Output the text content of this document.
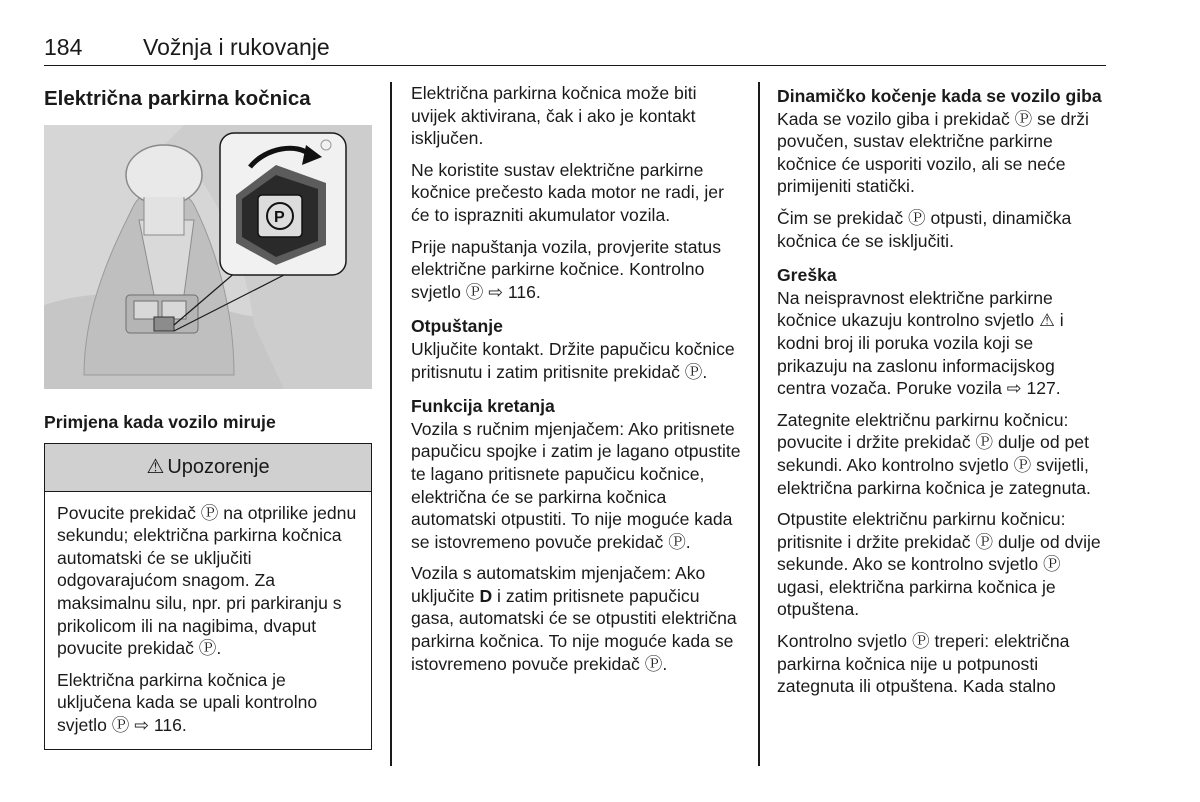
184	Vožnja i rukovanje
Električna parkirna kočnica
P
Primjena kada vozilo miruje
⚠ Upozorenje

Povucite prekidač Ⓟ na otprilike jednu sekundu; električna parkirna kočnica automatski će se uključiti odgovarajućom snagom. Za maksimalnu silu, npr. pri parkiranju s prikolicom ili na nagibima, dvaput povucite prekidač Ⓟ.

Električna parkirna kočnica je uključena kada se upali kontrolno svjetlo Ⓟ ⇨ 116.

Električna parkirna kočnica može biti uvijek aktivirana, čak i ako je kontakt isključen.

Ne koristite sustav električne parkirne kočnice prečesto kada motor ne radi, jer će to isprazniti akumulator vozila.

Prije napuštanja vozila, provjerite status električne parkirne kočnice. Kontrolno svjetlo Ⓟ ⇨ 116.

Otpuštanje

Uključite kontakt. Držite papučicu kočnice pritisnutu i zatim pritisnite prekidač Ⓟ.

Funkcija kretanja

Vozila s ručnim mjenjačem: Ako pritisnete papučicu spojke i zatim je lagano otpustite te lagano pritisnete papučicu kočnice, električna će se parkirna kočnica automatski otpustiti. To nije moguće kada se istovremeno povuče prekidač Ⓟ.

Vozila s automatskim mjenjačem: Ako uključite D i zatim pritisnete papučicu gasa, automatski će se otpustiti električna parkirna kočnica. To nije moguće kada se istovremeno povuče prekidač Ⓟ.

Dinamičko kočenje kada se vozilo giba

Kada se vozilo giba i prekidač Ⓟ se drži povučen, sustav električne parkirne kočnice će usporiti vozilo, ali se neće primijeniti statički.

Čim se prekidač Ⓟ otpusti, dinamička kočnica će se isključiti.

Greška

Na neispravnost električne parkirne kočnice ukazuju kontrolno svjetlo ⚠ i kodni broj ili poruka vozila koji se prikazuju na zaslonu informacijskog centra vozača. Poruke vozila ⇨ 127.

Zategnite električnu parkirnu kočnicu: povucite i držite prekidač Ⓟ dulje od pet sekundi. Ako kontrolno svjetlo Ⓟ svijetli, električna parkirna kočnica je zategnuta.

Otpustite električnu parkirnu kočnicu: pritisnite i držite prekidač Ⓟ dulje od dvije sekunde. Ako se kontrolno svjetlo Ⓟ ugasi, električna parkirna kočnica je otpuštena.

Kontrolno svjetlo Ⓟ treperi: električna parkirna kočnica nije u potpunosti zategnuta ili otpuštena. Kada stalno
